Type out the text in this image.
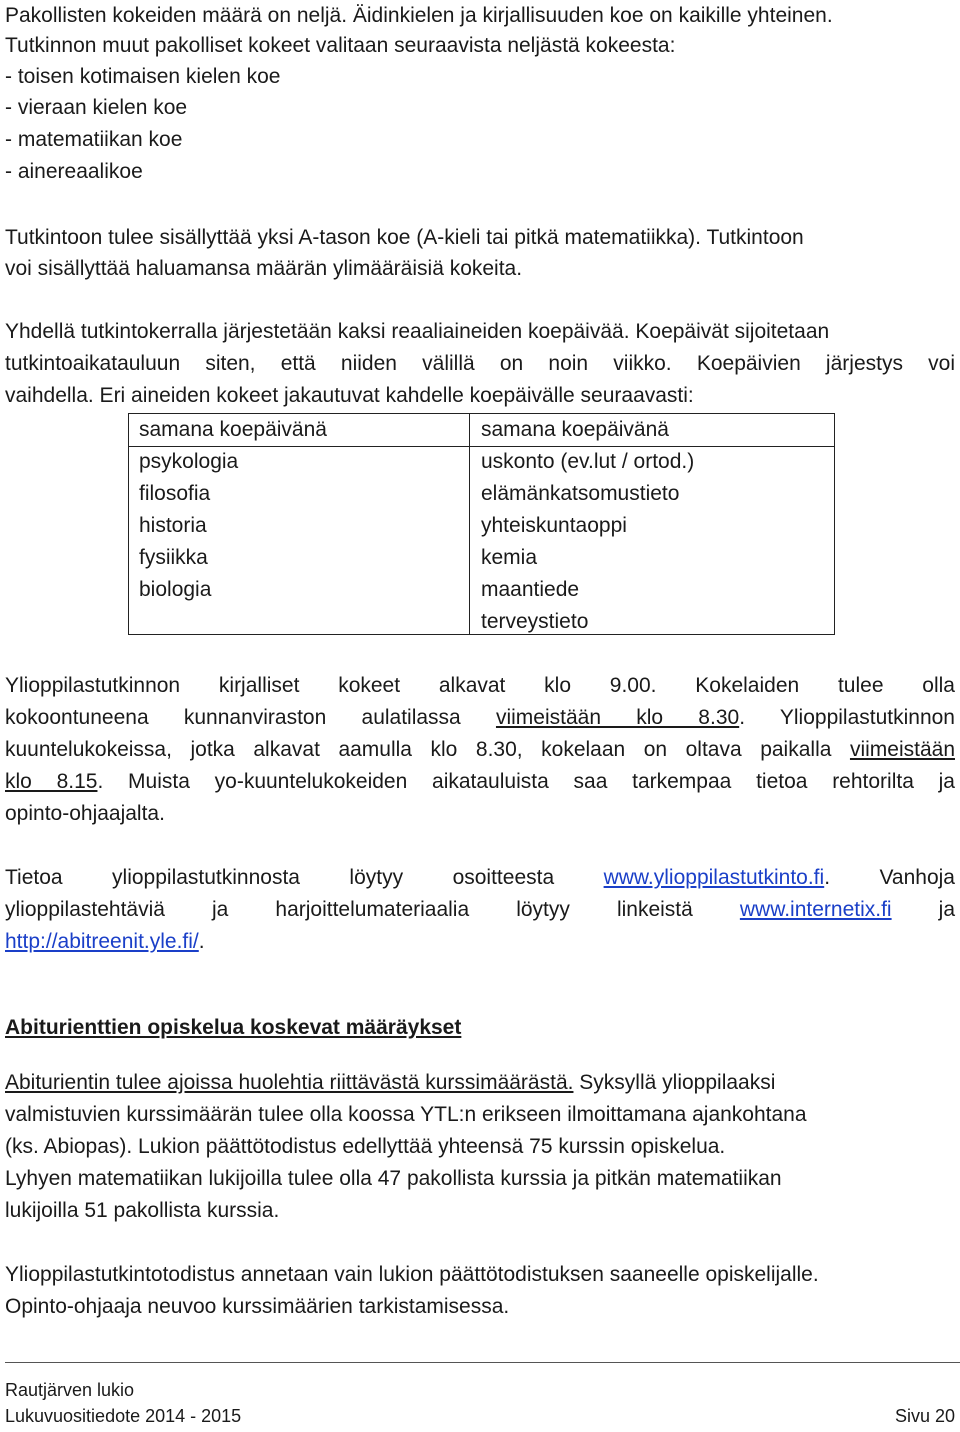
Pakollisten kokeiden määrä on neljä. Äidinkielen ja kirjallisuuden koe on kaikille yhteinen.
Tutkinnon muut pakolliset kokeet valitaan seuraavista neljästä kokeesta:
- toisen kotimaisen kielen koe
- vieraan kielen koe
- matematiikan koe
- ainereaalikoe
Tutkintoon tulee sisällyttää yksi A-tason koe (A-kieli tai pitkä matematiikka). Tutkintoon
voi sisällyttää haluamansa määrän ylimääräisiä kokeita.
Yhdellä tutkintokerralla järjestetään kaksi reaaliaineiden koepäivää. Koepäivät sijoitetaan
tutkintoaikatauluun siten, että niiden välillä on noin viikko. Koepäivien järjestys voi
vaihdella. Eri aineiden kokeet jakautuvat kahdelle koepäivälle seuraavasti:
samana koepäivänä	samana koepäivänä
psykologia
filosofia
historia
fysiikka
biologia
uskonto (ev.lut / ortod.)
elämänkatsomustieto
yhteiskuntaoppi
kemia
maantiede
terveystieto
Ylioppilastutkinnon kirjalliset kokeet alkavat klo 9.00. Kokelaiden tulee olla
kokoontuneena kunnanviraston aulatilassa viimeistään klo 8.30. Ylioppilastutkinnon
kuuntelukokeissa, jotka alkavat aamulla klo 8.30, kokelaan on oltava paikalla viimeistään
klo 8.15. Muista yo-kuuntelukokeiden aikatauluista saa tarkempaa tietoa rehtorilta ja
opinto-ohjaajalta.
Tietoa ylioppilastutkinnosta löytyy osoitteesta www.ylioppilastutkinto.fi. Vanhoja
ylioppilastehtäviä ja harjoittelumateriaalia löytyy linkeistä www.internetix.fi ja
http://abitreenit.yle.fi/.
Abiturienttien opiskelua koskevat määräykset
Abiturientin tulee ajoissa huolehtia riittävästä kurssimäärästä. Syksyllä ylioppilaaksi
valmistuvien kurssimäärän tulee olla koossa YTL:n erikseen ilmoittamana ajankohtana
(ks. Abiopas). Lukion päättötodistus edellyttää yhteensä 75 kurssin opiskelua.
Lyhyen matematiikan lukijoilla tulee olla 47 pakollista kurssia ja pitkän matematiikan
lukijoilla 51 pakollista kurssia.
Ylioppilastutkintotodistus annetaan vain lukion päättötodistuksen saaneelle opiskelijalle.
Opinto-ohjaaja neuvoo kurssimäärien tarkistamisessa.
Rautjärven lukio
Lukuvuositiedote 2014 - 2015	Sivu 20
